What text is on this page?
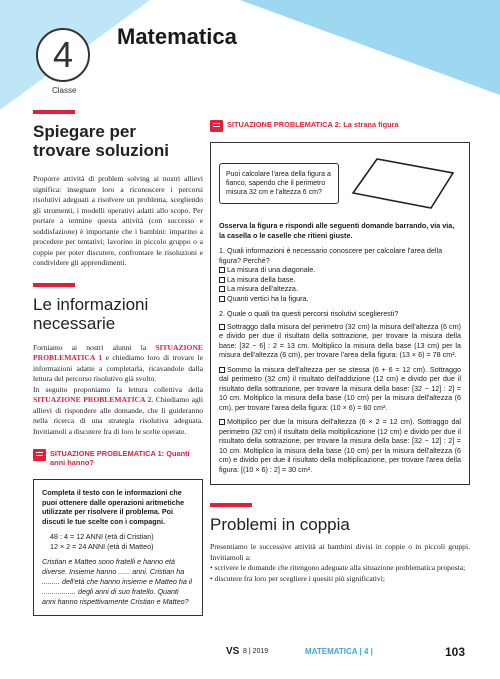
4
Classe
Matematica
Spiegare per trovare soluzioni

Proporre attività di problem solving ai nostri allievi significa: insegnare loro a riconoscere i percorsi risolutivi adeguati a risolvere un problema, scegliendo gli strumenti, i modelli operativi adatti allo scopo. Per portare a termine questa attività (con successo e soddisfazione) è importante che i bambini: imparino a procedere per tentativi; lavorino in piccolo gruppo o a coppie per poter discutere, confrontare le risoluzioni e condividere gli apprendimenti.

Le informazioni necessarie

Forniamo ai nostri alunni la SITUAZIONE PROBLEMATICA 1 e chiediamo loro di trovare le informazioni adatte a completarla, ricavandole dalla lettura del percorso risolutivo già svolto.

In seguito proponiamo la lettura collettiva della SITUAZIONE PROBLEMATICA 2. Chiediamo agli allievi di rispondere alle domande, che li guideranno nella ricerca di una strategia risolutiva adeguata. Invitiamoli a discutere fra di loro le scelte operate.

SITUAZIONE PROBLEMATICA 1: Quanti anni hanno?

Completa il testo con le informazioni che puoi ottenere dalle operazioni aritmetiche utilizzate per risolvere il problema. Poi discuti le tue scelte con i compagni.

48 : 4 = 12 ANNI (età di Cristian)

12 × 2 = 24 ANNI (età di Matteo)

Cristian e Matteo sono fratelli e hanno età diverse. Insieme hanno ...... anni. Cristian ha ......... dell'età che hanno insieme e Matteo ha il ................. degli anni di suo fratello. Quanti anni hanno rispettivamente Cristian e Matteo?

SITUAZIONE PROBLEMATICA 2: La strana figura
Puoi calcolare l'area della figura a fianco, sapendo che il perimetro misura 32 cm e l'altezza 6 cm?

Osserva la figura e rispondi alle seguenti domande barrando, via via, la casella o le caselle che ritieni giuste.

1. Quali informazioni è necessario conoscere per calcolare l'area della figura? Perché?

La misura di una diagonale.

La misura della base.

La misura dell'altezza.

Quanti vertici ha la figura.

2. Quale o quali tra questi percorsi risolutivi sceglieresti?

Sottraggo dalla misura del perimetro (32 cm) la misura dell'altezza (6 cm) e divido per due il risultato della sottrazione, per trovare la misura della base: [32 − 6] : 2 = 13 cm. Moltiplico la misura della base (13 cm) per la misura dell'altezza (6 cm), per trovare l'area della figura: (13 × 6) = 78 cm².

Sommo la misura dell'altezza per se stessa (6 + 6 = 12 cm). Sottraggo dal perimetro (32 cm) il risultato dell'addizione (12 cm) e divido per due il risultato della sottrazione, per trovare la misura della base: [32 − 12] : 2] = 10 cm. Moltiplico la misura della base (10 cm) per la misura dell'altezza (6 cm), per trovare l'area della figura: (10 × 6) = 60 cm².

Moltiplico per due la misura dell'altezza (6 × 2 = 12 cm). Sottraggo dal perimetro (32 cm) il risultato della moltiplicazione (12 cm) e divido per due il risultato della sottrazione, per trovare la misura della base: [32 − 12] : 2] = 10 cm. Moltiplico la misura della base (10 cm) per la misura dell'altezza (6 cm) e divido per due il risultato della moltiplicazione, per trovare l'area della figura: [(10 × 6) : 2] = 30 cm².

Problemi in coppia

Presentiamo le successive attività ai bambini divisi in coppie o in piccoli gruppi. Invitiamoli a:

• scrivere le domande che ritengono adeguate alla situazione problematica proposta;

• discutere fra loro per scegliere i quesiti più significativi;

VS 8 | 2019	MATEMATICA | 4 |	103
